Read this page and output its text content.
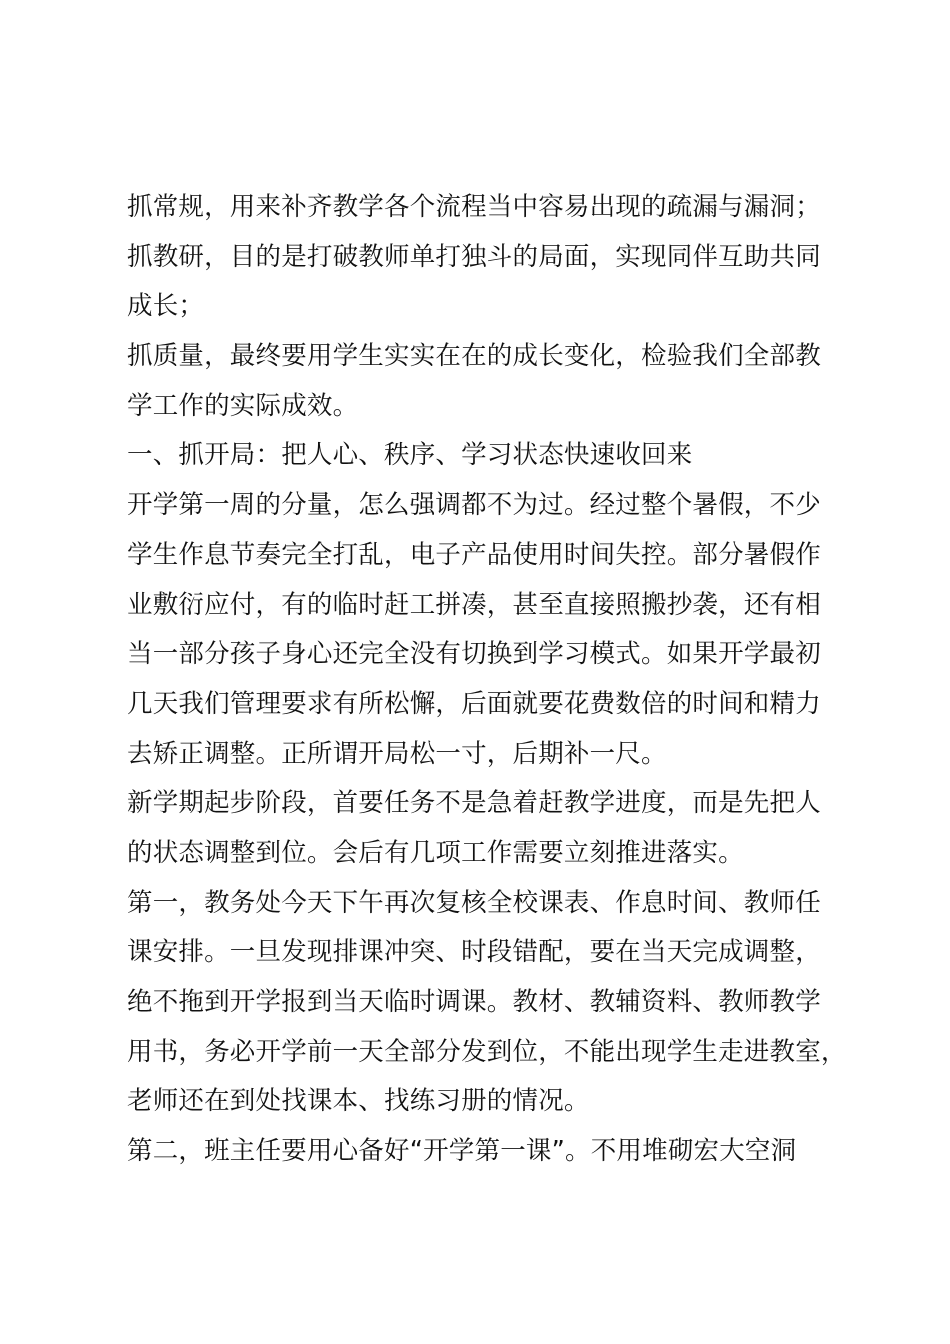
抓常规，用来补齐教学各个流程当中容易出现的疏漏与漏洞；
抓教研，目的是打破教师单打独斗的局面，实现同伴互助共同
成长；
抓质量，最终要用学生实实在在的成长变化，检验我们全部教
学工作的实际成效。
一、抓开局：把人心、秩序、学习状态快速收回来
开学第一周的分量，怎么强调都不为过。经过整个暑假，不少
学生作息节奏完全打乱，电子产品使用时间失控。部分暑假作
业敷衍应付，有的临时赶工拼凑，甚至直接照搬抄袭，还有相
当一部分孩子身心还完全没有切换到学习模式。如果开学最初
几天我们管理要求有所松懈，后面就要花费数倍的时间和精力
去矫正调整。正所谓开局松一寸，后期补一尺。
新学期起步阶段，首要任务不是急着赶教学进度，而是先把人
的状态调整到位。会后有几项工作需要立刻推进落实。
第一，教务处今天下午再次复核全校课表、作息时间、教师任
课安排。一旦发现排课冲突、时段错配，要在当天完成调整，
绝不拖到开学报到当天临时调课。教材、教辅资料、教师教学
用书，务必开学前一天全部分发到位，不能出现学生走进教室，
老师还在到处找课本、找练习册的情况。
第二，班主任要用心备好“开学第一课”。不用堆砌宏大空洞
